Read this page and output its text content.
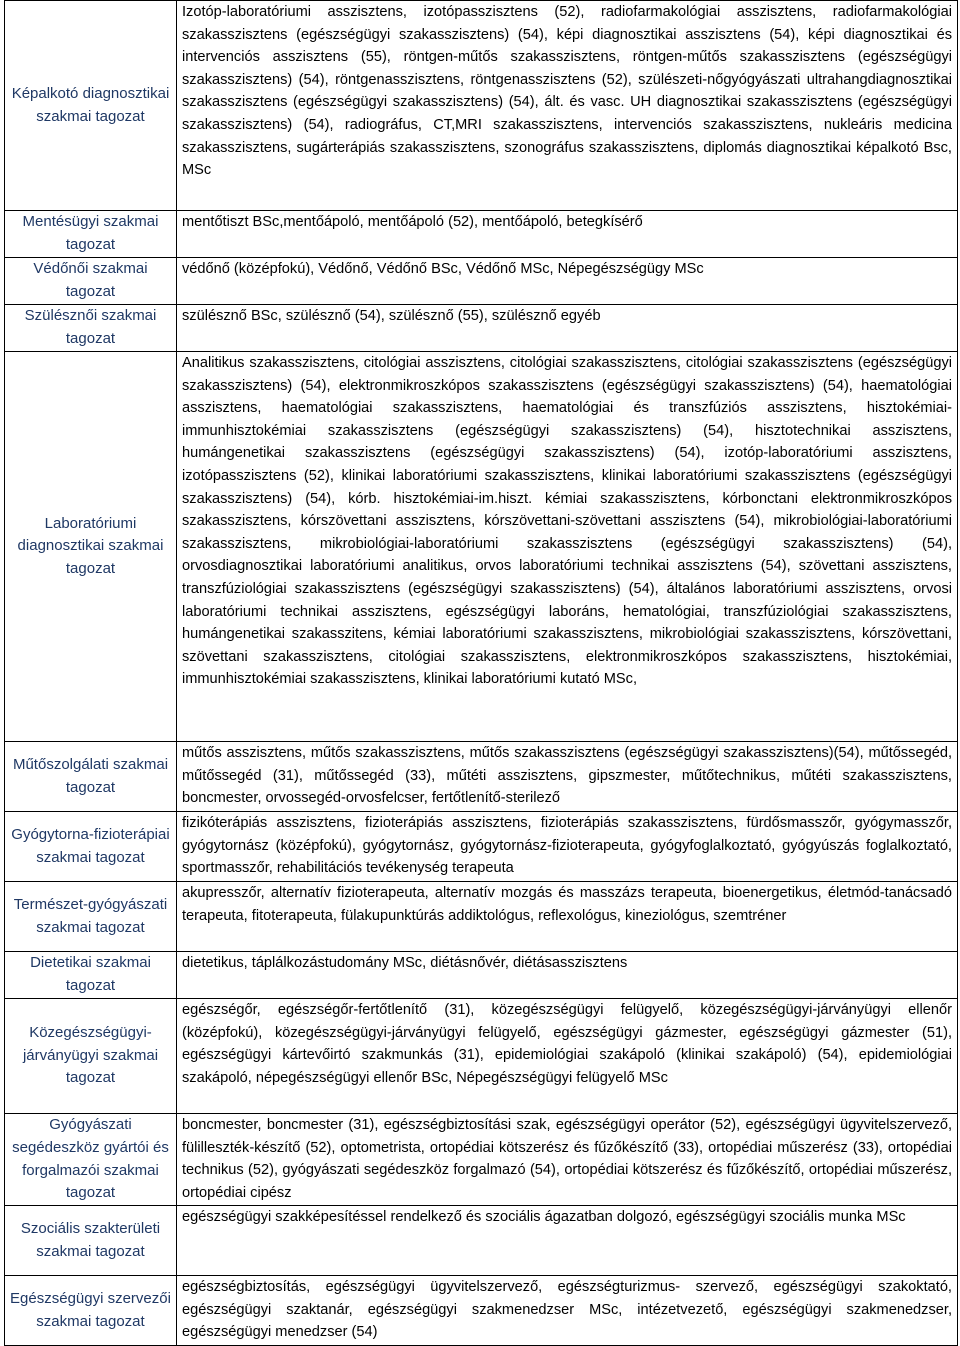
Képalkotó diagnosztikai szakmai tagozat	Izotóp-laboratóriumi asszisztens, izotópasszisztens (52), radiofarmakológiai asszisztens, radiofarmakológiai szakasszisztens (egészségügyi szakasszisztens) (54), képi diagnosztikai asszisztens (54), képi diagnosztikai és intervenciós asszisztens (55), röntgen-műtős szakasszisztens, röntgen-műtős szakasszisztens (egészségügyi szakasszisztens) (54), röntgenasszisztens, röntgenasszisztens (52), szülészeti-nőgyógyászati ultrahangdiagnosztikai szakasszisztens (egészségügyi szakasszisztens) (54), ált. és vasc. UH diagnosztikai szakasszisztens (egészségügyi szakasszisztens) (54), radiográfus, CT,MRI szakasszisztens, intervenciós szakasszisztens, nukleáris medicina szakasszisztens, sugárterápiás szakasszisztens, szonográfus szakasszisztens, diplomás diagnosztikai képalkotó Bsc, MSc
Mentésügyi szakmai tagozat	mentőtiszt BSc,mentőápoló, mentőápoló (52), mentőápoló, betegkísérő
Védőnői szakmai tagozat	védőnő (középfokú), Védőnő, Védőnő BSc, Védőnő MSc, Népegészségügy MSc
Szülésznői szakmai tagozat	szülésznő BSc, szülésznő (54), szülésznő (55), szülésznő egyéb
Laboratóriumi diagnosztikai szakmai tagozat	Analitikus szakasszisztens, citológiai asszisztens, citológiai szakasszisztens, citológiai szakasszisztens (egészségügyi szakasszisztens) (54), elektronmikroszkópos szakasszisztens (egészségügyi szakasszisztens) (54), haematológiai asszisztens, haematológiai szakasszisztens, haematológiai és transzfúziós asszisztens, hisztokémiai-immunhisztokémiai szakasszisztens (egészségügyi szakasszisztens) (54), hisztotechnikai asszisztens, humángenetikai szakasszisztens (egészségügyi szakasszisztens) (54), izotóp-laboratóriumi asszisztens, izotópasszisztens (52), klinikai laboratóriumi szakasszisztens, klinikai laboratóriumi szakasszisztens (egészségügyi szakasszisztens) (54), kórb. hisztokémiai-im.hiszt. kémiai szakasszisztens, kórbonctani elektronmikroszkópos szakasszisztens, kórszövettani asszisztens, kórszövettani-szövettani asszisztens (54), mikrobiológiai-laboratóriumi szakasszisztens, mikrobiológiai-laboratóriumi szakasszisztens (egészségügyi szakasszisztens) (54), orvosdiagnosztikai laboratóriumi analitikus, orvos laboratóriumi technikai asszisztens (54), szövettani asszisztens, transzfúziológiai szakasszisztens (egészségügyi szakasszisztens) (54), általános laboratóriumi asszisztens, orvosi laboratóriumi technikai asszisztens, egészségügyi laboráns, hematológiai, transzfúziológiai szakasszisztens, humángenetikai szakasszitens, kémiai laboratóriumi szakasszisztens, mikrobiológiai szakasszisztens, kórszövettani, szövettani szakasszisztens, citológiai szakasszisztens, elektronmikroszkópos szakasszisztens, hisztokémiai, immunhisztokémiai szakasszisztens, klinikai laboratóriumi kutató MSc,
Műtőszolgálati szakmai tagozat	műtős asszisztens, műtős szakasszisztens, műtős szakasszisztens (egészségügyi szakasszisztens)(54), műtőssegéd, műtőssegéd (31), műtőssegéd (33), műtéti asszisztens, gipszmester, műtőtechnikus, műtéti szakasszisztens, boncmester, orvossegéd-orvosfelcser, fertőtlenítő-sterilező
Gyógytorna-fizioterápiai szakmai tagozat	fizikóterápiás asszisztens, fizioterápiás asszisztens, fizioterápiás szakasszisztens, fürdősmasszőr, gyógymasszőr, gyógytornász (középfokú), gyógytornász, gyógytornász-fizioterapeuta, gyógyfoglalkoztató, gyógyúszás foglalkoztató, sportmasszőr, rehabilitációs tevékenység terapeuta
Természet-gyógyászati szakmai tagozat	akupresszőr, alternatív fizioterapeuta, alternatív mozgás és masszázs terapeuta, bioenergetikus, életmód-tanácsadó terapeuta, fitoterapeuta, fülakupunktúrás addiktológus, reflexológus, kineziológus, szemtréner
Dietetikai szakmai tagozat	dietetikus, táplálkozástudomány MSc, diétásnővér, diétásasszisztens
Közegészségügyi-járványügyi szakmai tagozat	egészségőr, egészségőr-fertőtlenítő (31), közegészségügyi felügyelő, közegészségügyi-járványügyi ellenőr (középfokú), közegészségügyi-járványügyi felügyelő, egészségügyi gázmester, egészségügyi gázmester (51), egészségügyi kártevőirtó szakmunkás (31), epidemiológiai szakápoló (klinikai szakápoló) (54), epidemiológiai szakápoló, népegészségügyi ellenőr BSc, Népegészségügyi felügyelő MSc
Gyógyászati segédeszköz gyártói és forgalmazói szakmai tagozat	boncmester, boncmester (31), egészségbiztosítási szak, egészségügyi operátor (52), egészségügyi ügyvitelszervező, fülilleszték-készítő (52), optometrista, ortopédiai kötszerész és fűzőkészítő (33), ortopédiai műszerész (33), ortopédiai technikus (52), gyógyászati segédeszköz forgalmazó (54), ortopédiai kötszerész és fűzőkészítő, ortopédiai műszerész, ortopédiai cipész
Szociális szakterületi szakmai tagozat	egészségügyi szakképesítéssel rendelkező és szociális ágazatban dolgozó, egészségügyi szociális munka MSc
Egészségügyi szervezői szakmai tagozat	egészségbiztosítás, egészségügyi ügyvitelszervező, egészségturizmus- szervező, egészségügyi szakoktató, egészségügyi szaktanár, egészségügyi szakmenedzser MSc, intézetvezető, egészségügyi szakmenedzser, egészségügyi menedzser (54)
